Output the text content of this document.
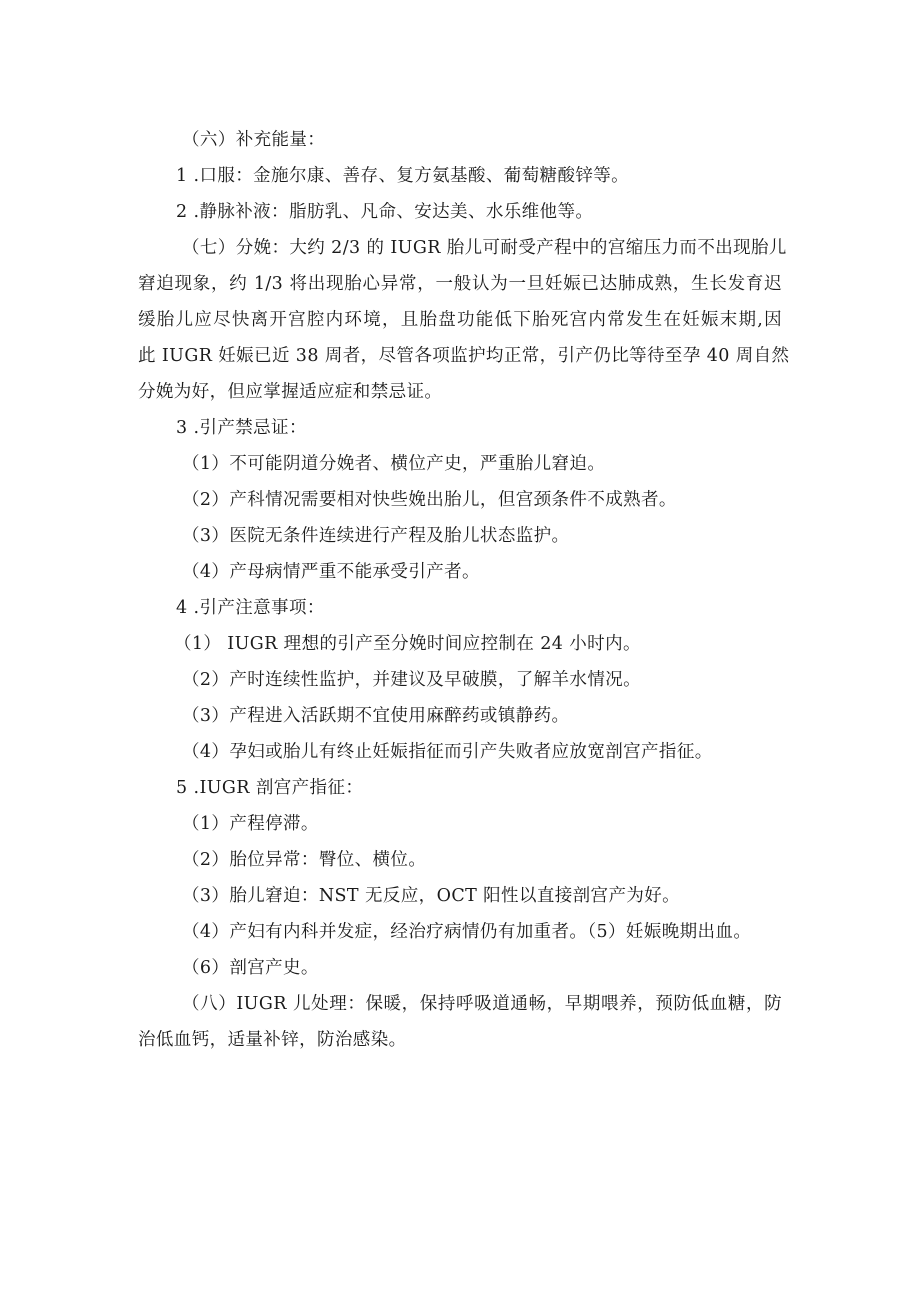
（六）补充能量：

1 .口服：金施尔康、善存、复方氨基酸、葡萄糖酸锌等。

2 .静脉补液：脂肪乳、凡命、安达美、水乐维他等。

（七）分娩：大约 2/3 的 IUGR 胎儿可耐受产程中的宫缩压力而不出现胎儿

窘迫现象，约 1/3 将出现胎心异常，一般认为一旦妊娠已达肺成熟，生长发育迟

缓胎儿应尽快离开宫腔内环境，且胎盘功能低下胎死宫内常发生在妊娠末期,因

此 IUGR 妊娠已近 38 周者，尽管各项监护均正常，引产仍比等待至孕 40 周自然

分娩为好，但应掌握适应症和禁忌证。

3 .引产禁忌证：

（1）不可能阴道分娩者、横位产史，严重胎儿窘迫。

（2）产科情况需要相对快些娩出胎儿，但宫颈条件不成熟者。

（3）医院无条件连续进行产程及胎儿状态监护。

（4）产母病情严重不能承受引产者。

4 .引产注意事项：

（1） IUGR 理想的引产至分娩时间应控制在 24 小时内。

（2）产时连续性监护，并建议及早破膜，了解羊水情况。

（3）产程进入活跃期不宜使用麻醉药或镇静药。

（4）孕妇或胎儿有终止妊娠指征而引产失败者应放宽剖宫产指征。

5 .IUGR 剖宫产指征：

（1）产程停滞。

（2）胎位异常：臀位、横位。

（3）胎儿窘迫：NST 无反应，OCT 阳性以直接剖宫产为好。

（4）产妇有内科并发症，经治疗病情仍有加重者。（5）妊娠晚期出血。

（6）剖宫产史。

（八）IUGR 儿处理：保暖，保持呼吸道通畅，早期喂养，预防低血糖，防

治低血钙，适量补锌，防治感染。
